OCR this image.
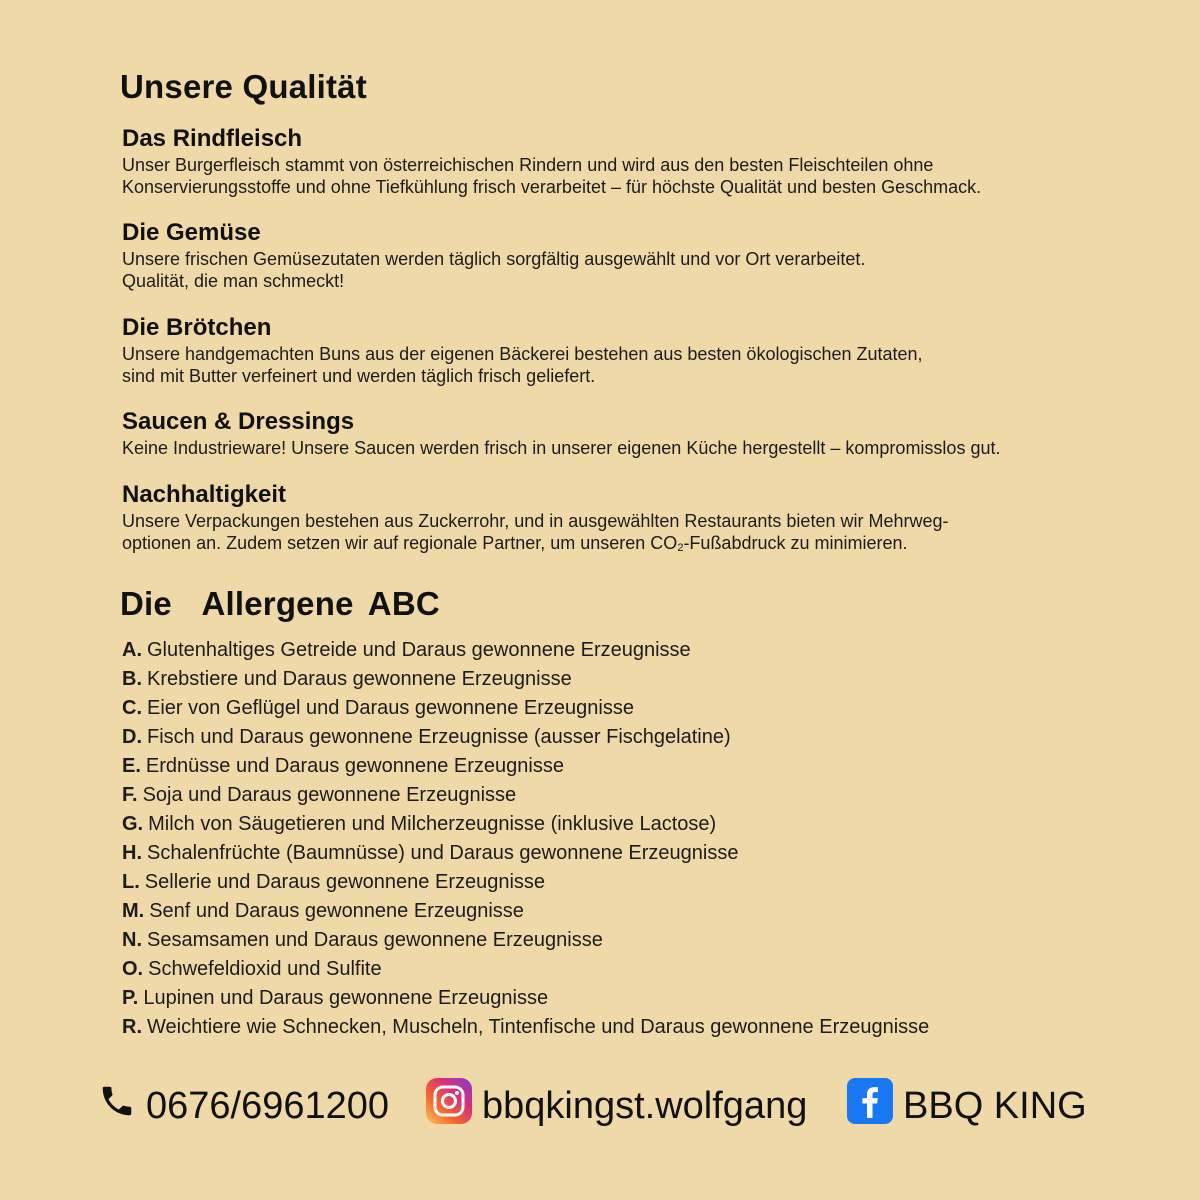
Unsere Qualität
Das Rindfleisch

Unser Burgerfleisch stammt von österreichischen Rindern und wird aus den besten Fleischteilen ohne
Konservierungsstoffe und ohne Tiefkühlung frisch verarbeitet – für höchste Qualität und besten Geschmack.

Die Gemüse

Unsere frischen Gemüsezutaten werden täglich sorgfältig ausgewählt und vor Ort verarbeitet.
Qualität, die man schmeckt!

Die Brötchen

Unsere handgemachten Buns aus der eigenen Bäckerei bestehen aus besten ökologischen Zutaten,
sind mit Butter verfeinert und werden täglich frisch geliefert.

Saucen & Dressings

Keine Industrieware! Unsere Saucen werden frisch in unserer eigenen Küche hergestellt – kompromisslos gut.

Nachhaltigkeit

Unsere Verpackungen bestehen aus Zuckerrohr, und in ausgewählten Restaurants bieten wir Mehrweg-
optionen an. Zudem setzen wir auf regionale Partner, um unseren $CO_2$-Fußabdruck zu minimieren.

Die  Allergene ABC
A. Glutenhaltiges Getreide und Daraus gewonnene Erzeugnisse
B. Krebstiere und Daraus gewonnene Erzeugnisse
C. Eier von Geflügel und Daraus gewonnene Erzeugnisse
D. Fisch und Daraus gewonnene Erzeugnisse (ausser Fischgelatine)
E. Erdnüsse und Daraus gewonnene Erzeugnisse
F. Soja und Daraus gewonnene Erzeugnisse
G. Milch von Säugetieren und Milcherzeugnisse (inklusive Lactose)
H. Schalenfrüchte (Baumnüsse) und Daraus gewonnene Erzeugnisse
L. Sellerie und Daraus gewonnene Erzeugnisse
M. Senf und Daraus gewonnene Erzeugnisse
N. Sesamsamen und Daraus gewonnene Erzeugnisse
O. Schwefeldioxid und Sulfite
P. Lupinen und Daraus gewonnene Erzeugnisse
R. Weichtiere wie Schnecken, Muscheln, Tintenfische und Daraus gewonnene Erzeugnisse
0676/6961200 bbqkingst.wolfgang	BBQ KING
